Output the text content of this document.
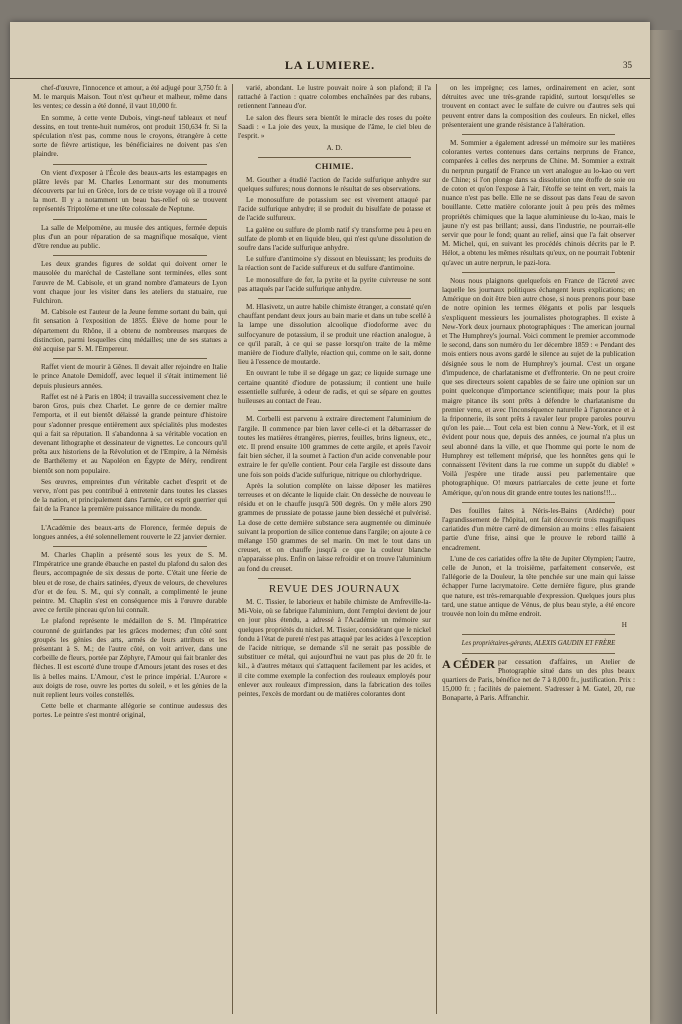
LA LUMIERE.	35

chef-d'œuvre, l'innocence et amour, a été adjugé pour 3,750 fr. à M. le marquis Maison. Tout n'est qu'heur et malheur, même dans les ventes; ce dessin a été donné, il vaut 10,000 fr.

En somme, à cette vente Dubois, vingt-neuf tableaux et neuf dessins, en tout trente-huit numéros, ont produit 150,634 fr. Si la spéculation n'est pas, comme nous le croyons, étrangère à cette sorte de fièvre artistique, les bénéficiaires ne doivent pas s'en plaindre.

On vient d'exposer à l'École des beaux-arts les estampages en plâtre levés par M. Charles Lenormant sur des monuments découverts par lui en Grèce, lors de ce triste voyage où il a trouvé la mort. Il y a notamment un beau bas-relief où se trouvent représentés Triptolème et une tête colossale de Neptune.

La salle de Melpomène, au musée des antiques, fermée depuis plus d'un an pour réparation de sa magnifique mosaïque, vient d'être rendue au public.

Les deux grandes figures de soldat qui doivent orner le mausolée du maréchal de Castellane sont terminées, elles sont l'œuvre de M. Cabisole, et un grand nombre d'amateurs de Lyon vont chaque jour les visiter dans les ateliers du statuaire, rue Fulchiron.

M. Cabisole est l'auteur de la Jeune femme sortant du bain, qui fit sensation à l'exposition de 1855. Élève de home pour le département du Rhône, il a obtenu de nombreuses marques de distinction, parmi lesquelles cinq médailles; une de ses statues a été acquise par S. M. l'Empereur.

Raffet vient de mourir à Gênes. Il devait aller rejoindre en Italie le prince Anatole Demidoff, avec lequel il s'était intimement lié depuis plusieurs années.

Raffet est né à Paris en 1804; il travailla successivement chez le baron Gros, puis chez Charlet. Le genre de ce dernier maître l'emporta, et il eut bientôt délaissé la grande peinture d'histoire pour s'adonner presque entièrement aux spécialités plus modestes qui a fait sa réputation. Il s'abandonna à sa véritable vocation en devenant lithographe et dessinateur de vignettes. Le concours qu'il prêta aux historiens de la Révolution et de l'Empire, à la Némésis de Barthélemy et au Napoléon en Égypte de Méry, rendirent bientôt son nom populaire.

Ses œuvres, empreintes d'un véritable cachet d'esprit et de verve, n'ont pas peu contribué à entretenir dans toutes les classes de la nation, et principalement dans l'armée, cet esprit guerrier qui fait de la France la première puissance militaire du monde.

L'Académie des beaux-arts de Florence, fermée depuis de longues années, a été solennellement rouverte le 22 janvier dernier.

M. Charles Chaplin a présenté sous les yeux de S. M. l'Impératrice une grande ébauche en pastel du plafond du salon des fleurs, accompagnée de six dessus de porte. C'était une féerie de bleu et de rose, de chairs satinées, d'yeux de velours, de chevelures d'or et de feu. S. M., qui s'y connaît, a complimenté le jeune peintre. M. Chaplin s'est en conséquence mis à l'œuvre durable avec ce fertile pinceau qu'on lui connaît.

Le plafond représente le médaillon de S. M. l'Impératrice couronné de guirlandes par les grâces modernes; d'un côté sont groupés les génies des arts, armés de leurs attributs et les présentant à S. M.; de l'autre côté, on voit arriver, dans une corbeille de fleurs, portée par Zéphyre, l'Amour qui fait branler des flèches. Il est escorté d'une troupe d'Amours jetant des roses et des lis à belles mains. L'Amour, c'est le prince impérial. L'Aurore « aux doigts de rose, ouvre les portes du soleil, » et les génies de la nuit replient leurs voiles constellés.

Cette belle et charmante allégorie se continue audessus des portes. Le peintre s'est montré original,

varié, abondant. Le lustre pouvait noire à son plafond; il l'a rattaché à l'action : quatre colombes enchaînées par des rubans, retiennent l'anneau d'or.

Le salon des fleurs sera bientôt le miracle des roses du poète Saadi : « La joie des yeux, la musique de l'âme, le ciel bleu de l'esprit. »

A. D.
CHIMIE.

M. Gouther a étudié l'action de l'acide sulfurique anhydre sur quelques sulfures; nous donnons le résultat de ses observations.

Le monosulfure de potassium sec est vivement attaqué par l'acide sulfurique anhydre; il se produit du bisulfate de potasse et de l'acide sulfureux.

La galène ou sulfure de plomb natif s'y transforme peu à peu en sulfate de plomb et en liquide bleu, qui n'est qu'une dissolution de soufre dans l'acide sulfurique anhydre.

Le sulfure d'antimoine s'y dissout en bleuissant; les produits de la réaction sont de l'acide sulfureux et du sulfure d'antimoine.

Le monosulfure de fer, la pyrite et la pyrite cuivreuse ne sont pas attaqués par l'acide sulfurique anhydre.

M. Hlasivetz, un autre habile chimiste étranger, a constaté qu'en chauffant pendant deux jours au bain marie et dans un tube scellé à la lampe une dissolution alcoolique d'iodoforme avec du sulfocyanure de potassium, il se produit une réaction analogue, à ce qu'il paraît, à ce qui se passe lorsqu'on traite de la même manière de l'iodure d'allyle, réaction qui, comme on le sait, donne lieu à l'essence de moutarde.

En ouvrant le tube il se dégage un gaz; ce liquide surnage une certaine quantité d'iodure de potassium; il contient une huile essentielle sulfurée, à odeur de radis, et qui se sépare en gouttes huileuses au contact de l'eau.

M. Corbelli est parvenu à extraire directement l'aluminium de l'argile. Il commence par bien laver celle-ci et la débarrasser de toutes les matières étrangères, pierres, feuilles, brins ligneux, etc., etc. Il prend ensuite 100 grammes de cette argile, et après l'avoir fait bien sécher, il la soumet à l'action d'un acide convenable pour extraire le fer qu'elle contient. Pour cela l'argile est dissoute dans une fois son poids d'acide sulfurique, nitrique ou chlorhydrique.

Après la solution complète on laisse déposer les matières terreuses et on décante le liquide clair. On dessèche de nouveau le résidu et on le chauffe jusqu'à 500 degrés. On y mêle alors 290 grammes de prussiate de potasse jaune bien desséché et pulvérisé. La dose de cette dernière substance sera augmentée ou diminuée suivant la proportion de silice contenue dans l'argile; on ajoute à ce mélange 150 grammes de sel marin. On met le tout dans un creuset, et on chauffe jusqu'à ce que la couleur blanche n'apparaisse plus. Enfin on laisse refroidir et on trouve l'aluminium au fond du creuset.

REVUE DES JOURNAUX

M. C. Tissier, le laborieux et habile chimiste de Amfreville-la-Mi-Voie, où se fabrique l'aluminium, dont l'emploi devient de jour en jour plus étendu, a adressé à l'Académie un mémoire sur quelques propriétés du nickel. M. Tissier, considérant que le nickel fondu à l'état de pureté n'est pas attaqué par les acides à l'exception de l'acide nitrique, se demande s'il ne serait pas possible de substituer ce métal, qui aujourd'hui ne vaut pas plus de 20 fr. le kil., à d'autres métaux qui s'attaquent facilement par les acides, et il cite comme exemple la confection des rouleaux employés pour enlever aux rouleaux d'impression, dans la fabrication des toiles peintes, l'excès de mordant ou de matières colorantes dont

on les imprègne; ces lames, ordinairement en acier, sont détruites avec une très-grande rapidité, surtout lorsqu'elles se trouvent en contact avec le sulfate de cuivre ou d'autres sels qui peuvent entrer dans la composition des couleurs. En nickel, elles présenteraient une grande résistance à l'altération.

M. Sommier a également adressé un mémoire sur les matières colorantes vertes contenues dans certains nerpruns de France, comparées à celles des nerpruns de Chine. M. Sommier a extrait du nerprun purgatif de France un vert analogue au lo-kao ou vert de Chine; si l'on plonge dans sa dissolution une étoffe de soie ou de coton et qu'on l'expose à l'air, l'étoffe se teint en vert, mais la nuance n'est pas belle. Elle ne se dissout pas dans l'eau de savon bouillante. Cette matière colorante jouit à peu près des mêmes propriétés chimiques que la laque aluminieuse du lo-kao, mais le jaune n'y est pas brillant; aussi, dans l'industrie, ne pourrait-elle servir que pour le fond; quant au relief, ainsi que l'a fait observer M. Michel, qui, en suivant les procédés chinois décrits par le P. Hélot, a obtenu les mêmes résultats qu'eux, on ne pourrait l'obtenir qu'avec un autre nerprun, le pazi-lora.

Nous nous plaignons quelquefois en France de l'âcreté avec laquelle les journaux politiques échangent leurs explications; en Amérique on doit être bien autre chose, si nous prenons pour base de notre opinion les termes élégants et polis par lesquels s'expliquent messieurs les journalistes photographes. Il existe à New-York deux journaux photographiques : The american journal et The Humphrey's journal. Voici comment le premier accommode le second, dans son numéro du 1er décembre 1859 : « Pendant des mois entiers nous avons gardé le silence au sujet de la publication désignée sous le nom de Humphrey's journal. C'est un organe d'impudence, de charlatanisme et d'effronterie. On ne peut croire que ses directeurs soient capables de se faire une opinion sur un point quelconque d'importance scientifique; mais pour la plus maigre pitance ils sont prêts à défendre le charlatanisme du premier venu, et avec l'inconséquence naturelle à l'ignorance et à la friponnerie, ils sont prêts à ravaler leur propre paroles pourvu qu'on les paie.... Tout cela est bien connu à New-York, et il est évident pour nous que, depuis des années, ce journal n'a plus un seul abonné dans la ville, et que l'homme qui porte le nom de Humphrey est tellement méprisé, que les honnêtes gens qui le connaissent l'évitent dans la rue comme un suppôt du diable! » Voilà j'espère une tirade aussi peu parlementaire que photographique. O! mœurs patriarcales de cette jeune et forte Amérique, qu'on nous dit grande entre toutes les nations!!!...

Des fouilles faites à Néris-les-Bains (Ardèche) pour l'agrandissement de l'hôpital, ont fait découvrir trois magnifiques cariatides d'un mètre carré de dimension au moins : elles faisaient partie d'une frise, ainsi que le prouve le rebord taillé à encadrement.

L'une de ces cariatides offre la tête de Jupiter Olympien; l'autre, celle de Junon, et la troisième, parfaitement conservée, est l'allégorie de la Douleur, la tête penchée sur une main qui laisse échapper l'urne lacrymatoire. Cette dernière figure, plus grande que nature, est très-remarquable d'expression. Quelques jours plus tard, une statue antique de Vénus, de plus beau style, a été encore trouvée non loin du même endroit.

H
Les propriétaires-gérants, ALEXIS GAUDIN ET FRÈRE
A CÉDER par cessation d'affaires, un Atelier de Photographie situé dans un des plus beaux quartiers de Paris, bénéfice net de 7 à 8,000 fr., justification. Prix : 15,000 fr. ; facilités de paiement. S'adresser à M. Gatel, 20, rue Bonaparte, à Paris. Affranchir.
